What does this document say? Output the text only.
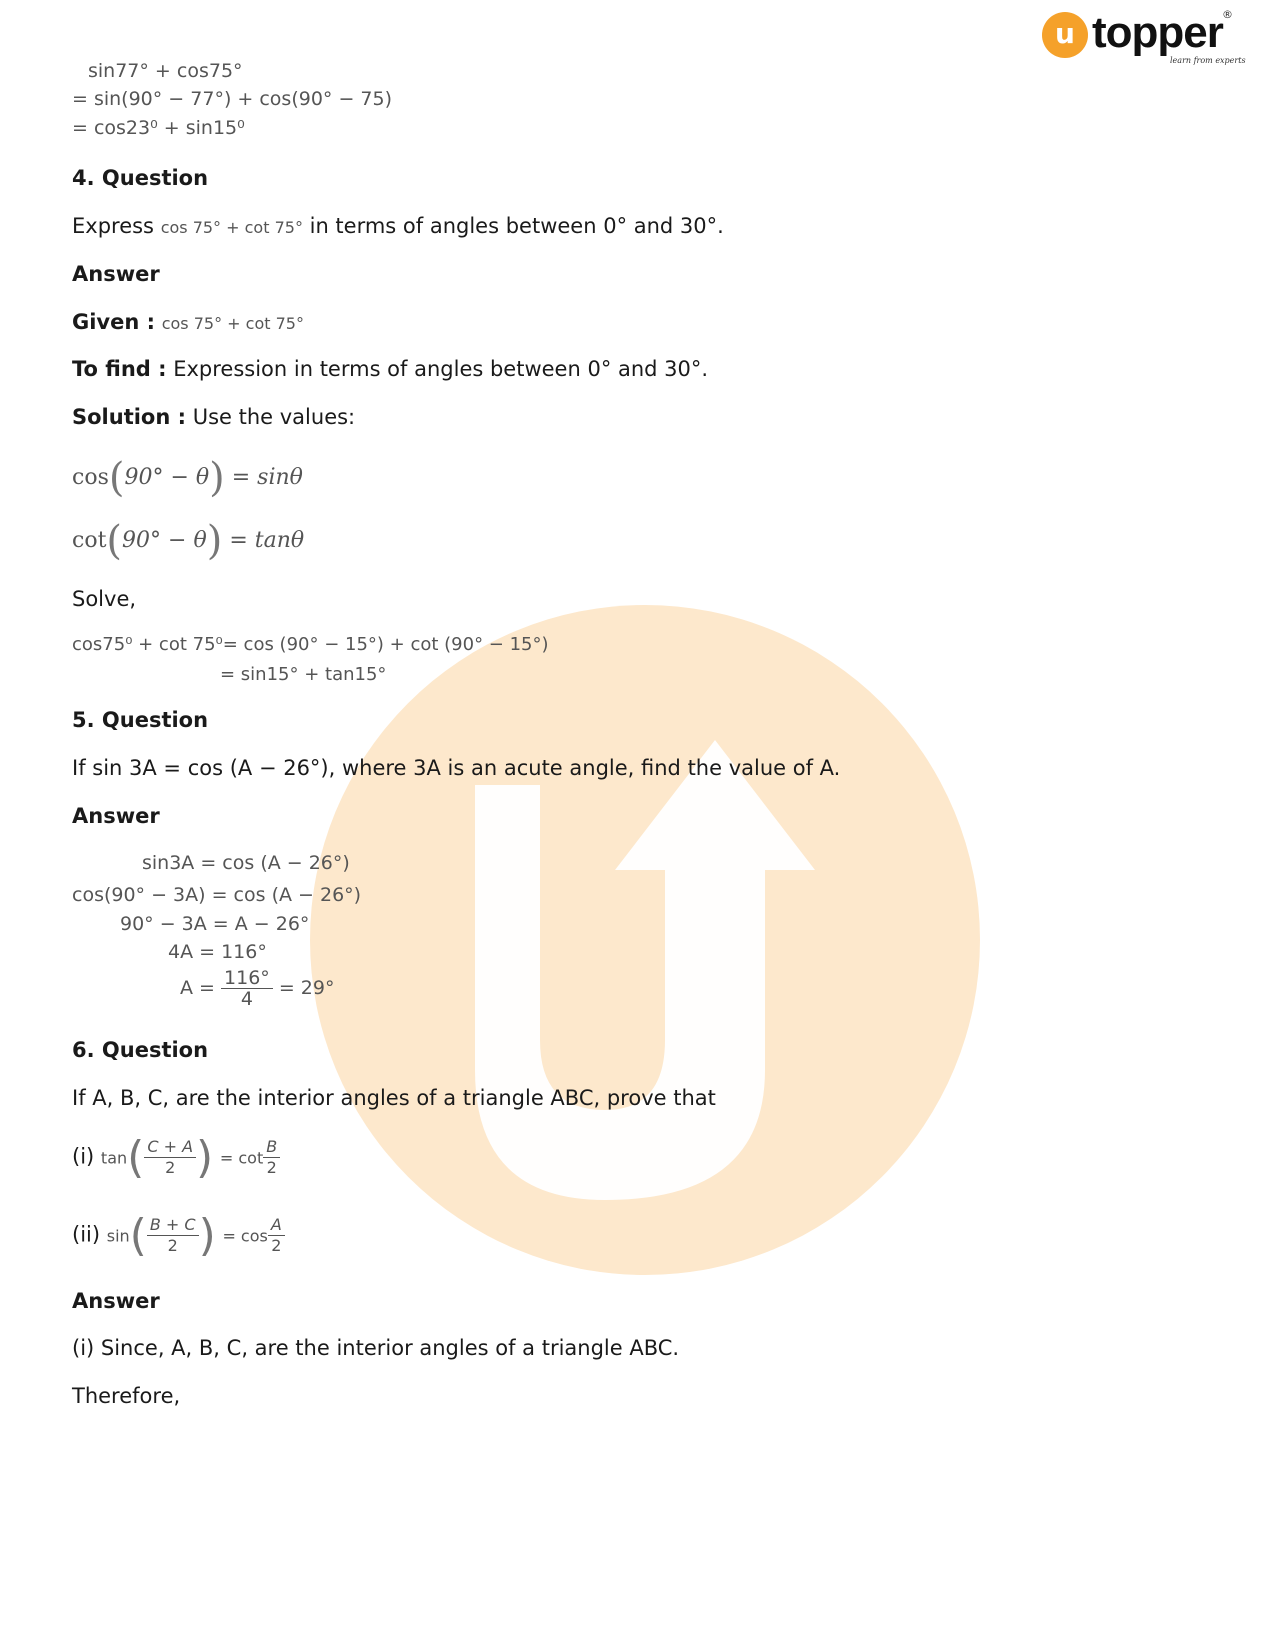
u topper ®
learn from experts
sin77° + cos75°
= sin(90° − 77°) + cos(90° − 75)
= cos23⁰ + sin15⁰
4. Question
Express cos 75° + cot 75° in terms of angles between 0° and 30°.
Answer
Given : cos 75° + cot 75°
To find : Expression in terms of angles between 0° and 30°.
Solution : Use the values:
cos(90° − θ) = sinθ
cot(90° − θ) = tanθ
Solve,
cos75⁰ + cot 75⁰= cos (90° − 15°) + cot (90° − 15°)
= sin15° + tan15°
5. Question
If sin 3A = cos (A − 26°), where 3A is an acute angle, find the value of A.
Answer
sin3A = cos (A − 26°)
cos(90° − 3A) = cos (A − 26°)
90° − 3A = A − 26°
4A = 116°
$A = \frac{116^\circ}{4} = 29^\circ$
6. Question
If A, B, C, are the interior angles of a triangle ABC, prove that
(i) $\tan( \frac{C + A}{2}$ ) = $\cot \frac{B}{2}$
(ii) $\sin( \frac{B + C}{2}$ ) = $\cos \frac{A}{2}$
Answer
(i) Since, A, B, C, are the interior angles of a triangle ABC.
Therefore,
